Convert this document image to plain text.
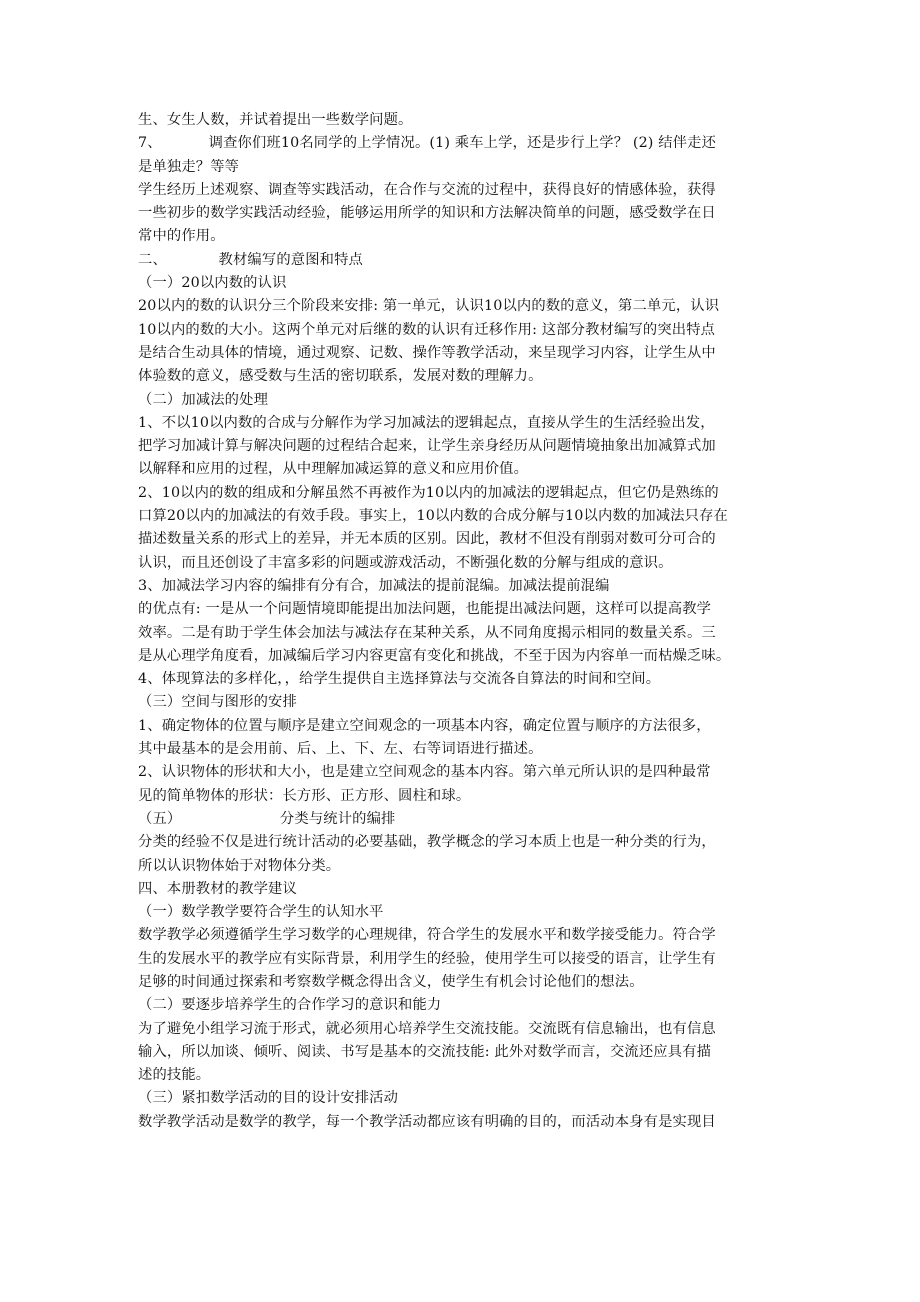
生、女生人数，并试着提出一些数学问题。
7、          调查你们班10名同学的上学情况。(1) 乘车上学，还是步行上学？ (2) 结伴走还
是单独走？等等
学生经历上述观察、调查等实践活动，在合作与交流的过程中，获得良好的情感体验，获得
一些初步的数学实践活动经验，能够运用所学的知识和方法解决简单的问题，感受数学在日
常中的作用。
二、           教材编写的意图和特点
（一）20以内数的认识
20以内的数的认识分三个阶段来安排: 第一单元，认识10以内的数的意义，第二单元，认识
10以内的数的大小。这两个单元对后继的数的认识有迁移作用: 这部分教材编写的突出特点
是结合生动具体的情境，通过观察、记数、操作等教学活动，来呈现学习内容，让学生从中
体验数的意义，感受数与生活的密切联系，发展对数的理解力。
（二）加减法的处理
1、不以10以内数的合成与分解作为学习加减法的逻辑起点，直接从学生的生活经验出发，
把学习加减计算与解决问题的过程结合起来，让学生亲身经历从问题情境抽象出加减算式加
以解释和应用的过程，从中理解加减运算的意义和应用价值。
2、10以内的数的组成和分解虽然不再被作为10以内的加减法的逻辑起点，但它仍是熟练的
口算20以内的加减法的有效手段。事实上，10以内数的合成分解与10以内数的加减法只存在
描述数量关系的形式上的差异，并无本质的区别。因此，教材不但没有削弱对数可分可合的
认识，而且还创设了丰富多彩的问题或游戏活动，不断强化数的分解与组成的意识。
3、加减法学习内容的编排有分有合，加减法的提前混编。加减法提前混编
的优点有: 一是从一个问题情境即能提出加法问题，也能提出减法问题，这样可以提高教学
效率。二是有助于学生体会加法与减法存在某种关系，从不同角度揭示相同的数量关系。三
是从心理学角度看，加减编后学习内容更富有变化和挑战，不至于因为内容单一而枯燥乏味。
4、体现算法的多样化，，给学生提供自主选择算法与交流各自算法的时间和空间。
（三）空间与图形的安排
1、确定物体的位置与顺序是建立空间观念的一项基本内容，确定位置与顺序的方法很多，
其中最基本的是会用前、后、上、下、左、右等词语进行描述。
2、认识物体的形状和大小，也是建立空间观念的基本内容。第六单元所认识的是四种最常
见的简单物体的形状：长方形、正方形、圆柱和球。
（五）                     分类与统计的编排
分类的经验不仅是进行统计活动的必要基础，教学概念的学习本质上也是一种分类的行为，
所以认识物体始于对物体分类。
四、本册教材的教学建议
（一）数学教学要符合学生的认知水平
数学教学必须遵循学生学习数学的心理规律，符合学生的发展水平和数学接受能力。符合学
生的发展水平的教学应有实际背景，利用学生的经验，使用学生可以接受的语言，让学生有
足够的时间通过探索和考察数学概念得出含义，使学生有机会讨论他们的想法。
（二）要逐步培养学生的合作学习的意识和能力
为了避免小组学习流于形式，就必须用心培养学生交流技能。交流既有信息输出，也有信息
输入，所以加谈、倾听、阅读、书写是基本的交流技能: 此外对数学而言，交流还应具有描
述的技能。
（三）紧扣数学活动的目的设计安排活动
数学教学活动是数学的教学，每一个教学活动都应该有明确的目的，而活动本身有是实现目
